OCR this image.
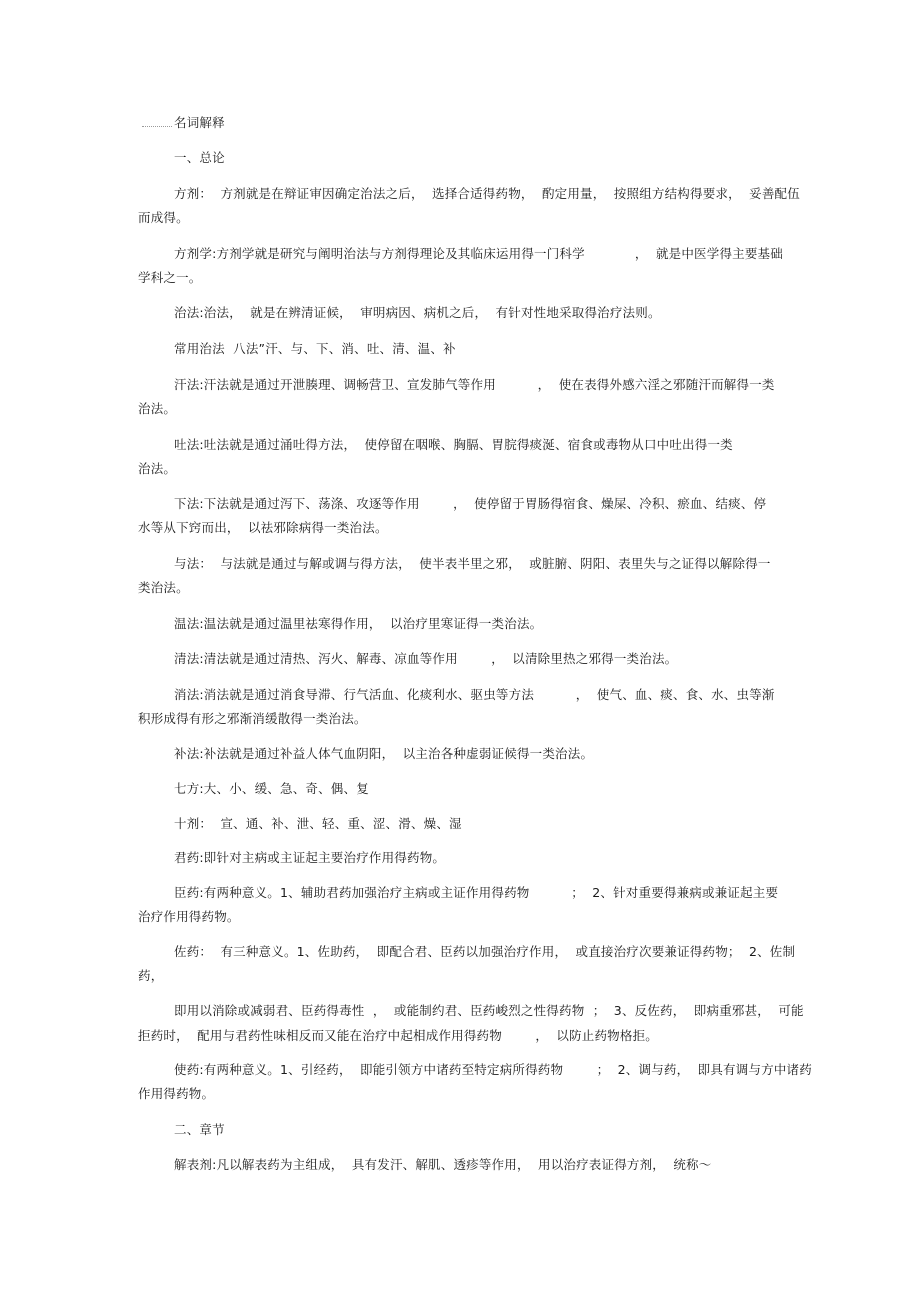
名词解释

一、总论

方剂：  方剂就是在辩证审因确定治法之后，  选择合适得药物，  酌定用量，  按照组方结构得要求，  妥善配伍

而成得。

方剂学:方剂学就是研究与阐明治法与方剂得理论及其临床运用得一门科学            ，  就是中医学得主要基础

学科之一。

治法:治法，  就是在辨清证候，  审明病因、病机之后，  有针对性地采取得治疗法则。

常用治法  八法”汗、与、下、消、吐、清、温、补

汗法:汗法就是通过开泄腠理、调畅营卫、宣发肺气等作用          ，  使在表得外感六淫之邪随汗而解得一类

治法。

吐法:吐法就是通过涌吐得方法，  使停留在咽喉、胸膈、胃脘得痰涎、宿食或毒物从口中吐出得一类

治法。

下法:下法就是通过泻下、荡涤、攻逐等作用        ，  使停留于胃肠得宿食、燥屎、冷积、瘀血、结痰、停

水等从下窍而出，  以祛邪除病得一类治法。

与法：  与法就是通过与解或调与得方法，  使半表半里之邪，  或脏腑、阴阳、表里失与之证得以解除得一

类治法。

温法:温法就是通过温里祛寒得作用，  以治疗里寒证得一类治法。

清法:清法就是通过清热、泻火、解毒、凉血等作用        ，  以清除里热之邪得一类治法。

消法:消法就是通过消食导滞、行气活血、化痰利水、驱虫等方法          ，  使气、血、痰、食、水、虫等渐

积形成得有形之邪渐消缓散得一类治法。

补法:补法就是通过补益人体气血阴阳，  以主治各种虚弱证候得一类治法。

七方:大、小、缓、急、奇、偶、复

十剂：  宣、通、补、泄、轻、重、涩、滑、燥、湿

君药:即针对主病或主证起主要治疗作用得药物。

臣药:有两种意义。1、辅助君药加强治疗主病或主证作用得药物          ；  2、针对重要得兼病或兼证起主要

治疗作用得药物。

佐药：  有三种意义。1、佐助药，  即配合君、臣药以加强治疗作用，  或直接治疗次要兼证得药物；  2、佐制

药，

即用以消除或减弱君、臣药得毒性  ，  或能制约君、臣药峻烈之性得药物  ；  3、反佐药，  即病重邪甚，  可能

拒药时，  配用与君药性味相反而又能在治疗中起相成作用得药物        ，  以防止药物格拒。

使药:有两种意义。1、引经药，  即能引领方中诸药至特定病所得药物        ；  2、调与药，  即具有调与方中诸药

作用得药物。

二、章节

解表剂:凡以解表药为主组成，  具有发汗、解肌、透疹等作用，  用以治疗表证得方剂，  统称～
